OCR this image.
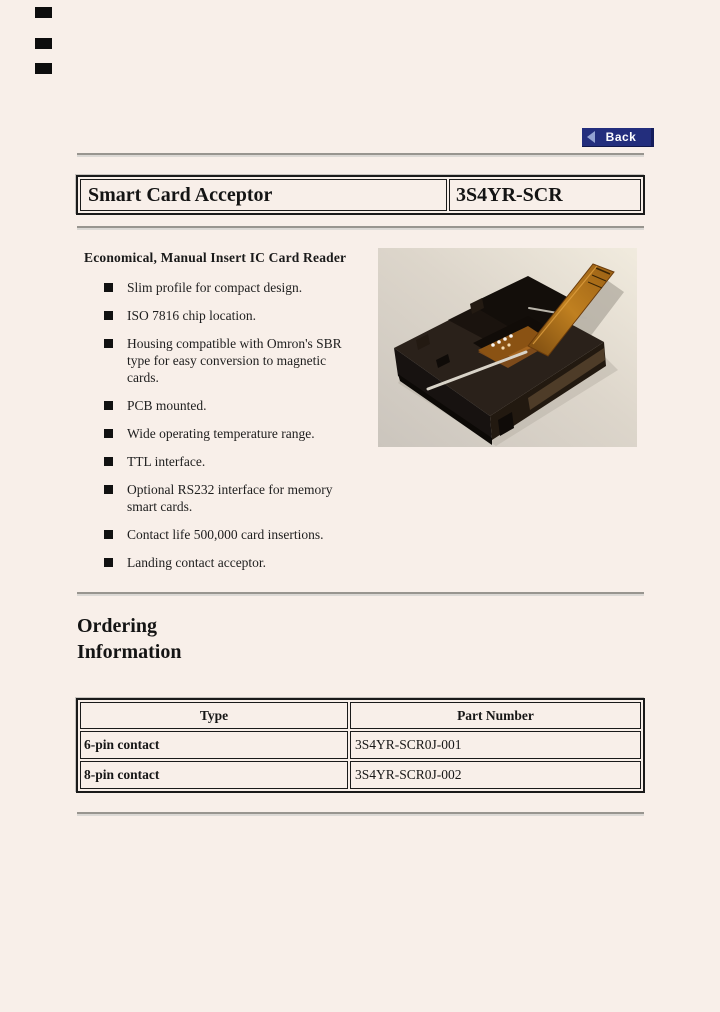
Back
Smart Card Acceptor	3S4YR-SCR
Economical, Manual Insert IC Card Reader
Slim profile for compact design.
ISO 7816 chip location.
Housing compatible with Omron's SBR type for easy conversion to magnetic cards.
PCB mounted.
Wide operating temperature range.
TTL interface.
Optional RS232 interface for memory smart cards.
Contact life 500,000 card insertions.
Landing contact acceptor.
Ordering
Information
Type	Part Number
6-pin contact	3S4YR-SCR0J-001
8-pin contact	3S4YR-SCR0J-002
